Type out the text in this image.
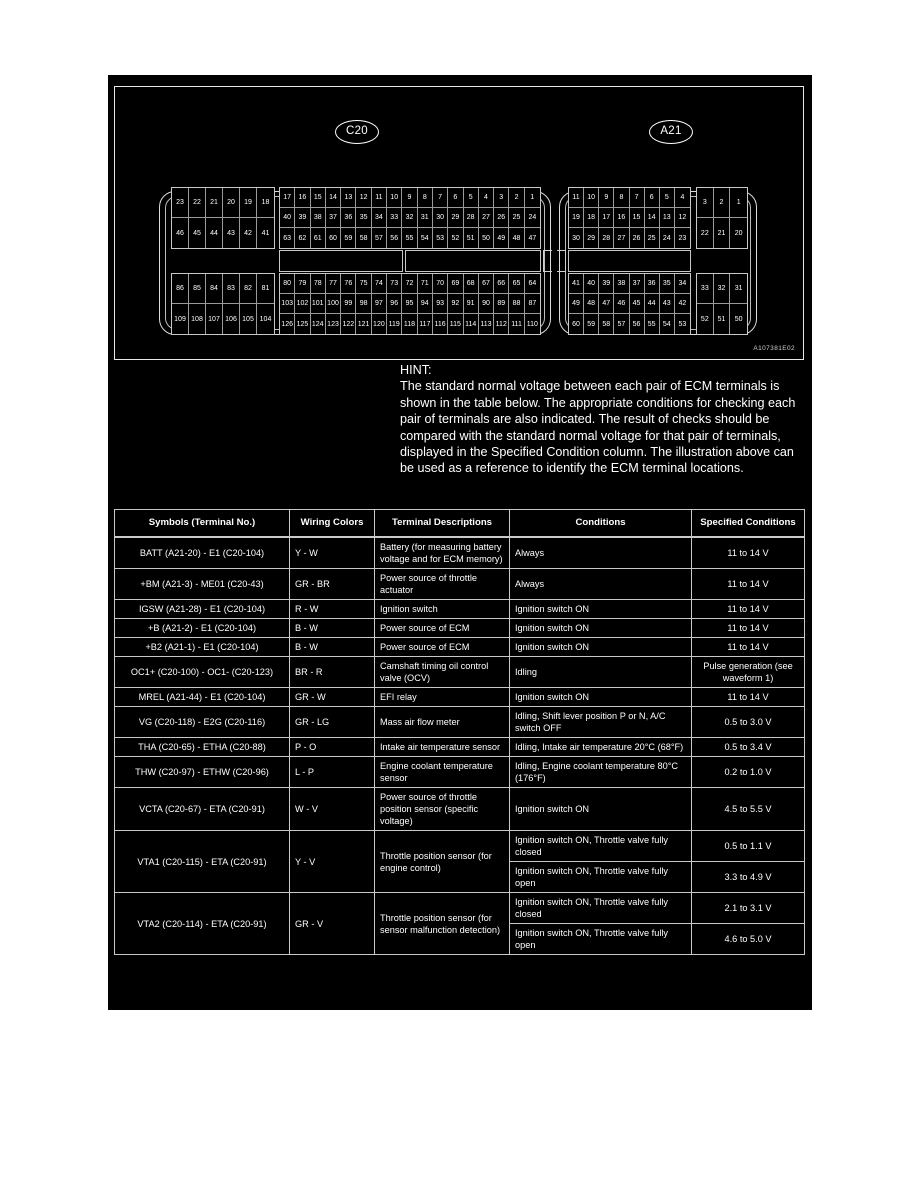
C20	A21
23	22	21	20	19	18
46	45	44	43	42	41
86	85	84	83	82	81
109 108 107 106 105 104
17	16	15	14	13	12	11	10	9	8	7	6	5	4	3	2	1
40	39	38	37	36	35	34	33	32	31	30	29	28	27	26	25	24
63	62	61	60	59	58	57	56	55	54	53	52	51	50	49	48	47
80	79	78	77	76	75	74	73	72	71	70	69	68	67	66	65	64
103 102 101 100 99	98	97	96	95	94	93	92	91	90	89	88	87
126 125 124 123 122 121 120 119 118 117 116 115 114 113 112 111 110
11	10	9	8	7	6	5	4
19	18	17	16	15	14	13	12
30	29	28	27	26	25	24	23
3	2	1
22	21	20
41	40	39	38	37	36	35	34
49	48	47	46	45	44	43	42
60	59	58	57	56	55	54	53
33	32	31
52	51	50
A107381E02
HINT:
The standard normal voltage between each pair of ECM terminals is shown in the table below. The appropriate conditions for checking each pair of terminals are also indicated. The result of checks should be compared with the standard normal voltage for that pair of terminals, displayed in the Specified Condition column. The illustration above can be used as a reference to identify the ECM terminal locations.
Symbols (Terminal No.)	Wiring Colors	Terminal Descriptions	Conditions	Specified Conditions
BATT (A21-20) - E1 (C20-104)	Y - W	Battery (for measuring battery voltage and for ECM memory)	Always	11 to 14 V
+BM (A21-3) - ME01 (C20-43)	GR - BR	Power source of throttle actuator	Always	11 to 14 V
IGSW (A21-28) - E1 (C20-104)	R - W	Ignition switch	Ignition switch ON	11 to 14 V
+B (A21-2) - E1 (C20-104)	B - W	Power source of ECM	Ignition switch ON	11 to 14 V
+B2 (A21-1) - E1 (C20-104)	B - W	Power source of ECM	Ignition switch ON	11 to 14 V
OC1+ (C20-100) - OC1- (C20-123)	BR - R	Camshaft timing oil control valve (OCV)	Idling	Pulse generation (see waveform 1)
MREL (A21-44) - E1 (C20-104)	GR - W	EFI relay	Ignition switch ON	11 to 14 V
VG (C20-118) - E2G (C20-116)	GR - LG	Mass air flow meter	Idling, Shift lever position P or N, A/C switch OFF	0.5 to 3.0 V
THA (C20-65) - ETHA (C20-88)	P - O	Intake air temperature sensor	Idling, Intake air temperature 20°C (68°F)	0.5 to 3.4 V
THW (C20-97) - ETHW (C20-96)	L - P	Engine coolant temperature sensor	Idling, Engine coolant temperature 80°C (176°F)	0.2 to 1.0 V
VCTA (C20-67) - ETA (C20-91)	W - V	Power source of throttle position sensor (specific voltage)	Ignition switch ON	4.5 to 5.5 V
VTA1 (C20-115) - ETA (C20-91)	Y - V	Throttle position sensor (for engine control)	Ignition switch ON, Throttle valve fully closed	0.5 to 1.1 V
			Ignition switch ON, Throttle valve fully open	3.3 to 4.9 V
VTA2 (C20-114) - ETA (C20-91)	GR - V	Throttle position sensor (for sensor malfunction detection)	Ignition switch ON, Throttle valve fully closed	2.1 to 3.1 V
			Ignition switch ON, Throttle valve fully open	4.6 to 5.0 V
